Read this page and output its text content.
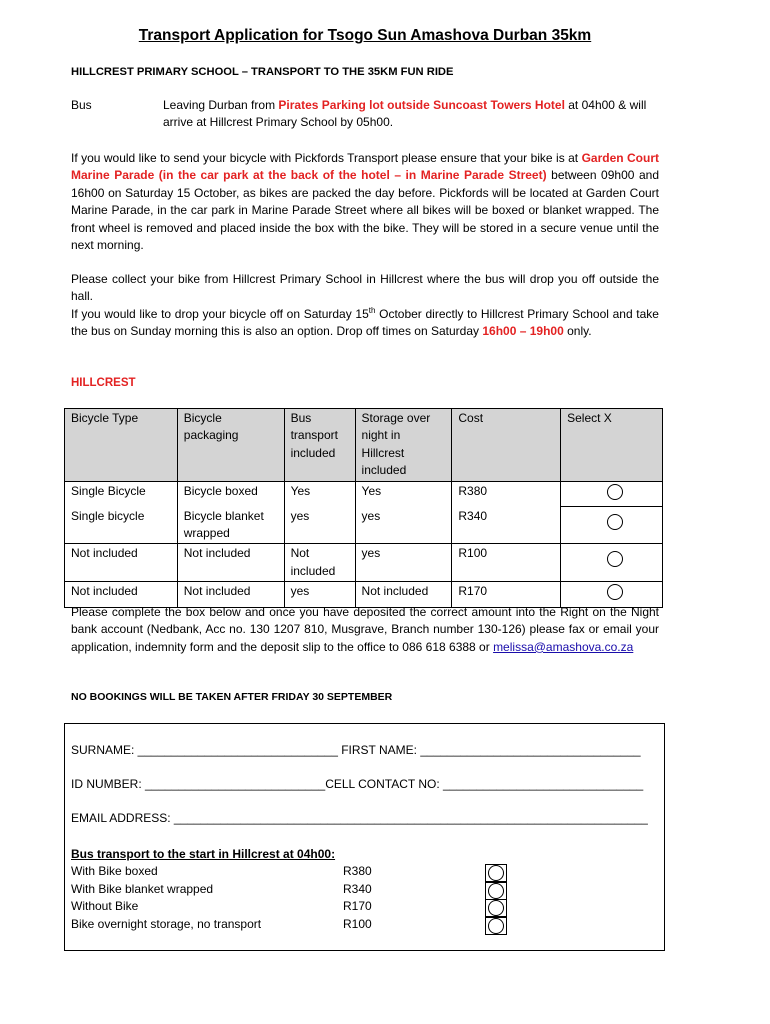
Transport Application for Tsogo Sun Amashova Durban 35km
HILLCREST PRIMARY SCHOOL – TRANSPORT TO THE 35KM FUN RIDE
Bus	Leaving Durban from Pirates Parking lot outside Suncoast Towers Hotel at 04h00 & will arrive at Hillcrest Primary School by 05h00.
If you would like to send your bicycle with Pickfords Transport please ensure that your bike is at Garden Court Marine Parade (in the car park at the back of the hotel – in Marine Parade Street) between 09h00 and 16h00 on Saturday 15 October, as bikes are packed the day before. Pickfords will be located at Garden Court Marine Parade, in the car park in Marine Parade Street where all bikes will be boxed or blanket wrapped. The front wheel is removed and placed inside the box with the bike. They will be stored in a secure venue until the next morning.
Please collect your bike from Hillcrest Primary School in Hillcrest where the bus will drop you off outside the hall.
If you would like to drop your bicycle off on Saturday 15th October directly to Hillcrest Primary School and take the bus on Sunday morning this is also an option. Drop off times on Saturday 16h00 – 19h00 only.
HILLCREST
Bicycle Type	Bicycle packaging	Bus transport included	Storage over night in Hillcrest included	Cost	Select X
Single Bicycle	Bicycle boxed	Yes	Yes	R380	
Single bicycle	Bicycle blanket wrapped	yes	yes	R340	
Not included	Not included	Not included	yes	R100	
Not included	Not included	yes	Not included	R170	
Please complete the box below and once you have deposited the correct amount into the Right on the Night bank account (Nedbank, Acc no. 130 1207 810, Musgrave, Branch number 130-126) please fax or email your application, indemnity form and the deposit slip to the office to 086 618 6388 or melissa@amashova.co.za
NO BOOKINGS WILL BE TAKEN AFTER FRIDAY 30 SEPTEMBER
SURNAME: ______________________________ FIRST NAME: _________________________________
ID NUMBER: ___________________________CELL CONTACT NO: ______________________________
EMAIL ADDRESS: _______________________________________________________________________
Bus transport to the start in Hillcrest at 04h00:
With Bike boxed	R380
With Bike blanket wrapped	R340
Without Bike	R170
Bike overnight storage, no transport	R100
